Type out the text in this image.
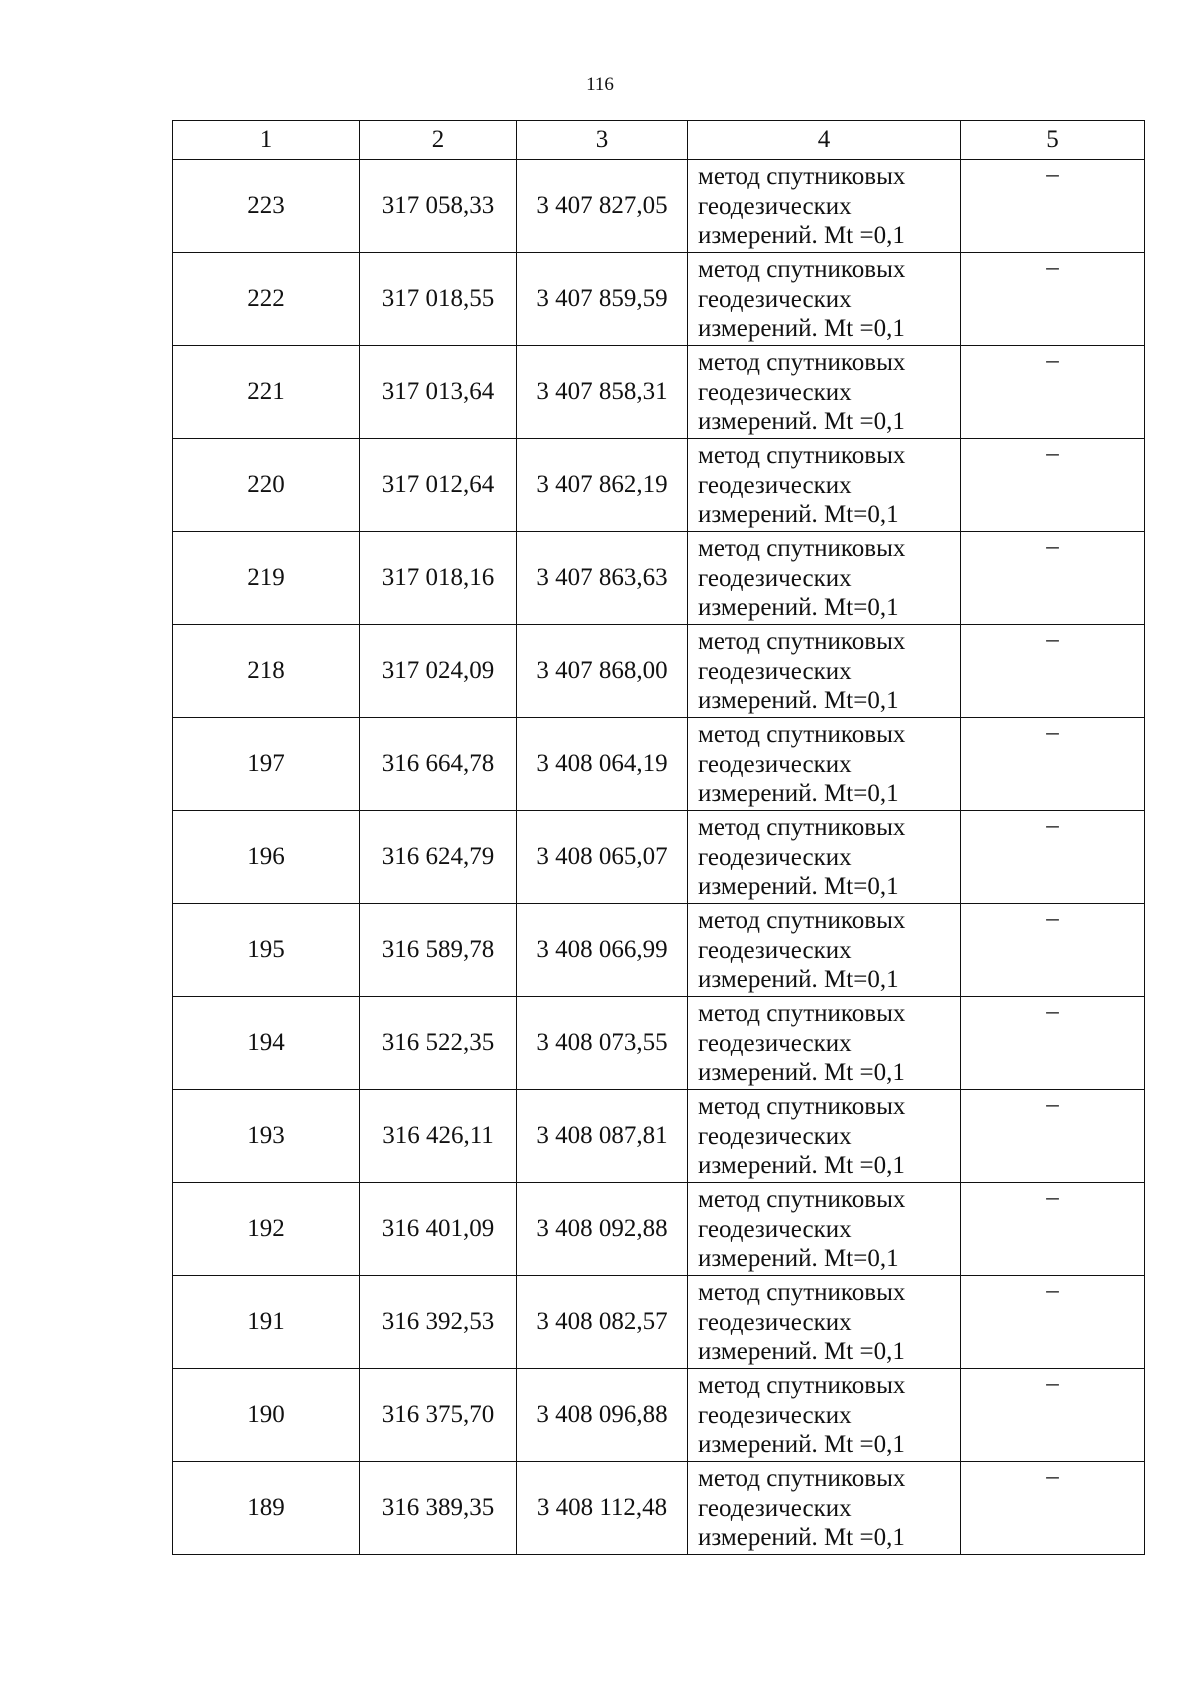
116
1	2	3	4	5
223	317 058,33	3 407 827,05	метод спутниковых
геодезических
измерений. Mt =0,1	–
222	317 018,55	3 407 859,59	метод спутниковых
геодезических
измерений. Mt =0,1	–
221	317 013,64	3 407 858,31	метод спутниковых
геодезических
измерений. Mt =0,1	–
220	317 012,64	3 407 862,19	метод спутниковых
геодезических
измерений. Mt=0,1	–
219	317 018,16	3 407 863,63	метод спутниковых
геодезических
измерений. Mt=0,1	–
218	317 024,09	3 407 868,00	метод спутниковых
геодезических
измерений. Mt=0,1	–
197	316 664,78	3 408 064,19	метод спутниковых
геодезических
измерений. Mt=0,1	–
196	316 624,79	3 408 065,07	метод спутниковых
геодезических
измерений. Mt=0,1	–
195	316 589,78	3 408 066,99	метод спутниковых
геодезических
измерений. Mt=0,1	–
194	316 522,35	3 408 073,55	метод спутниковых
геодезических
измерений. Mt =0,1	–
193	316 426,11	3 408 087,81	метод спутниковых
геодезических
измерений. Mt =0,1	–
192	316 401,09	3 408 092,88	метод спутниковых
геодезических
измерений. Mt=0,1	–
191	316 392,53	3 408 082,57	метод спутниковых
геодезических
измерений. Mt =0,1	–
190	316 375,70	3 408 096,88	метод спутниковых
геодезических
измерений. Mt =0,1	–
189	316 389,35	3 408 112,48	метод спутниковых
геодезических
измерений. Mt =0,1	–
